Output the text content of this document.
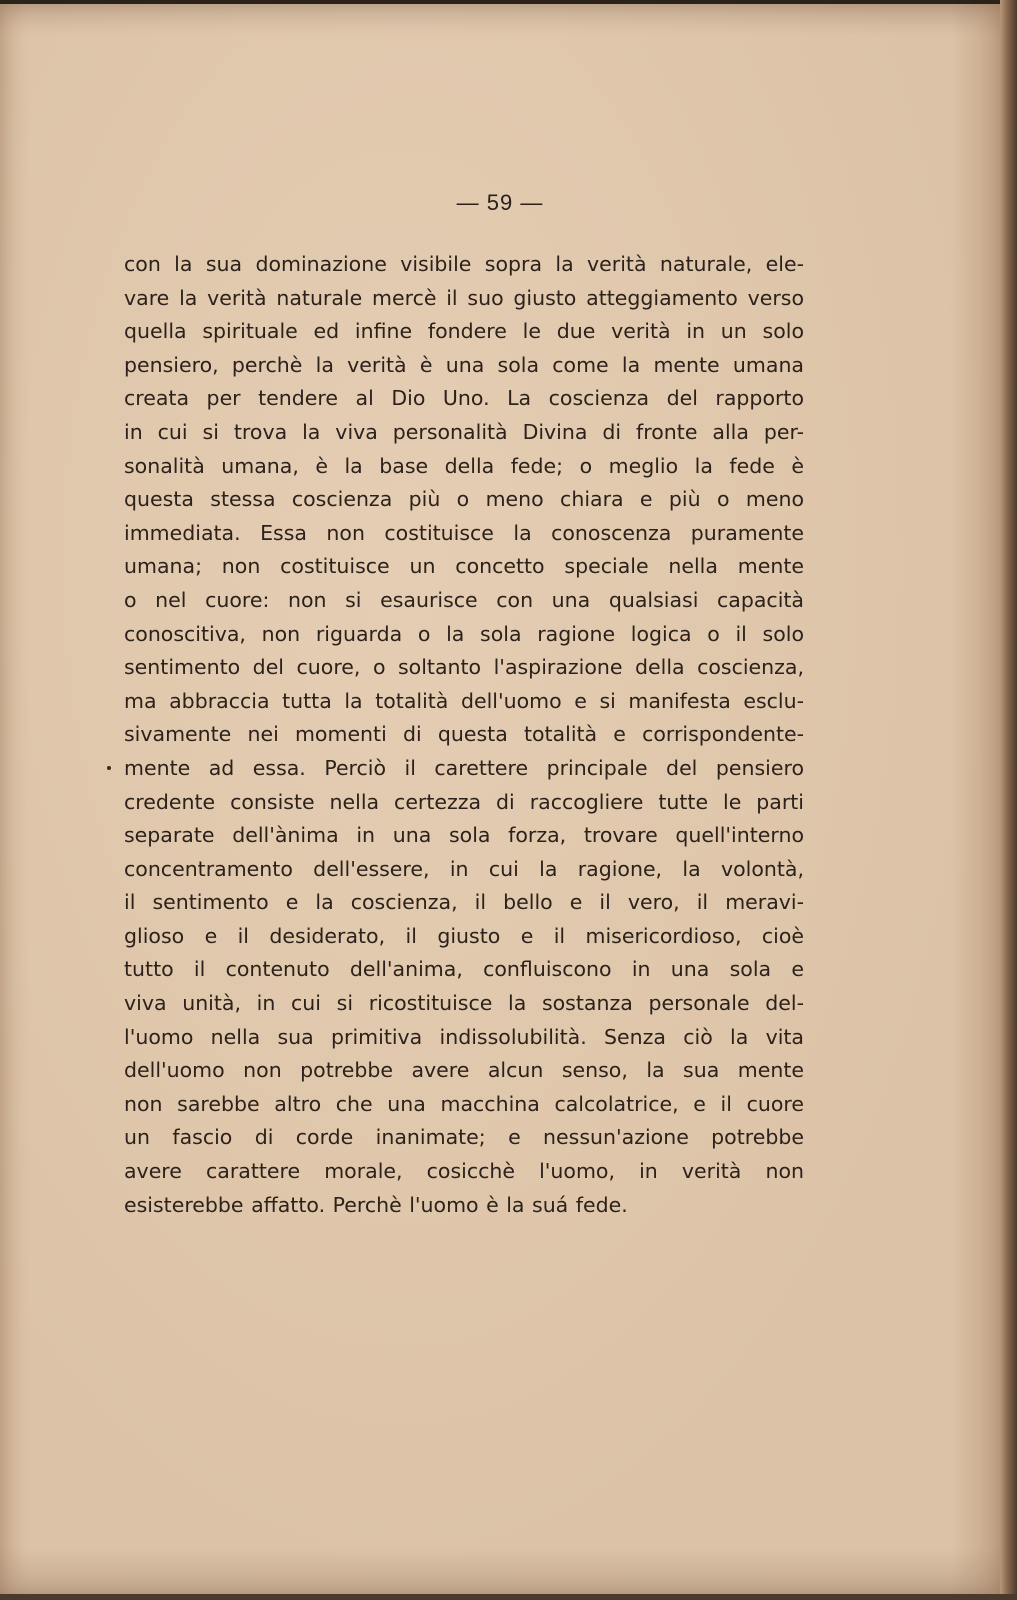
— 59 —
con la sua dominazione visibile sopra la verità naturale, ele-
vare la verità naturale mercè il suo giusto atteggiamento verso
quella spirituale ed infine fondere le due verità in un solo
pensiero, perchè la verità è una sola come la mente umana
creata per tendere al Dio Uno. La coscienza del rapporto
in cui si trova la viva personalità Divina di fronte alla per-
sonalità umana, è la base della fede; o meglio la fede è
questa stessa coscienza più o meno chiara e più o meno
immediata. Essa non costituisce la conoscenza puramente
umana; non costituisce un concetto speciale nella mente
o nel cuore: non si esaurisce con una qualsiasi capacità
conoscitiva, non riguarda o la sola ragione logica o il solo
sentimento del cuore, o soltanto l'aspirazione della coscienza,
ma abbraccia tutta la totalità dell'uomo e si manifesta esclu-
sivamente nei momenti di questa totalità e corrispondente-
mente ad essa. Perciò il carettere principale del pensiero
credente consiste nella certezza di raccogliere tutte le parti
separate dell'ànima in una sola forza, trovare quell'interno
concentramento dell'essere, in cui la ragione, la volontà,
il sentimento e la coscienza, il bello e il vero, il meravi-
glioso e il desiderato, il giusto e il misericordioso, cioè
tutto il contenuto dell'anima, confluiscono in una sola e
viva unità, in cui si ricostituisce la sostanza personale del-
l'uomo nella sua primitiva indissolubilità. Senza ciò la vita
dell'uomo non potrebbe avere alcun senso, la sua mente
non sarebbe altro che una macchina calcolatrice, e il cuore
un fascio di corde inanimate; e nessun'azione potrebbe
avere carattere morale, cosicchè l'uomo, in verità non
esisterebbe affatto. Perchè l'uomo è la suá fede.
